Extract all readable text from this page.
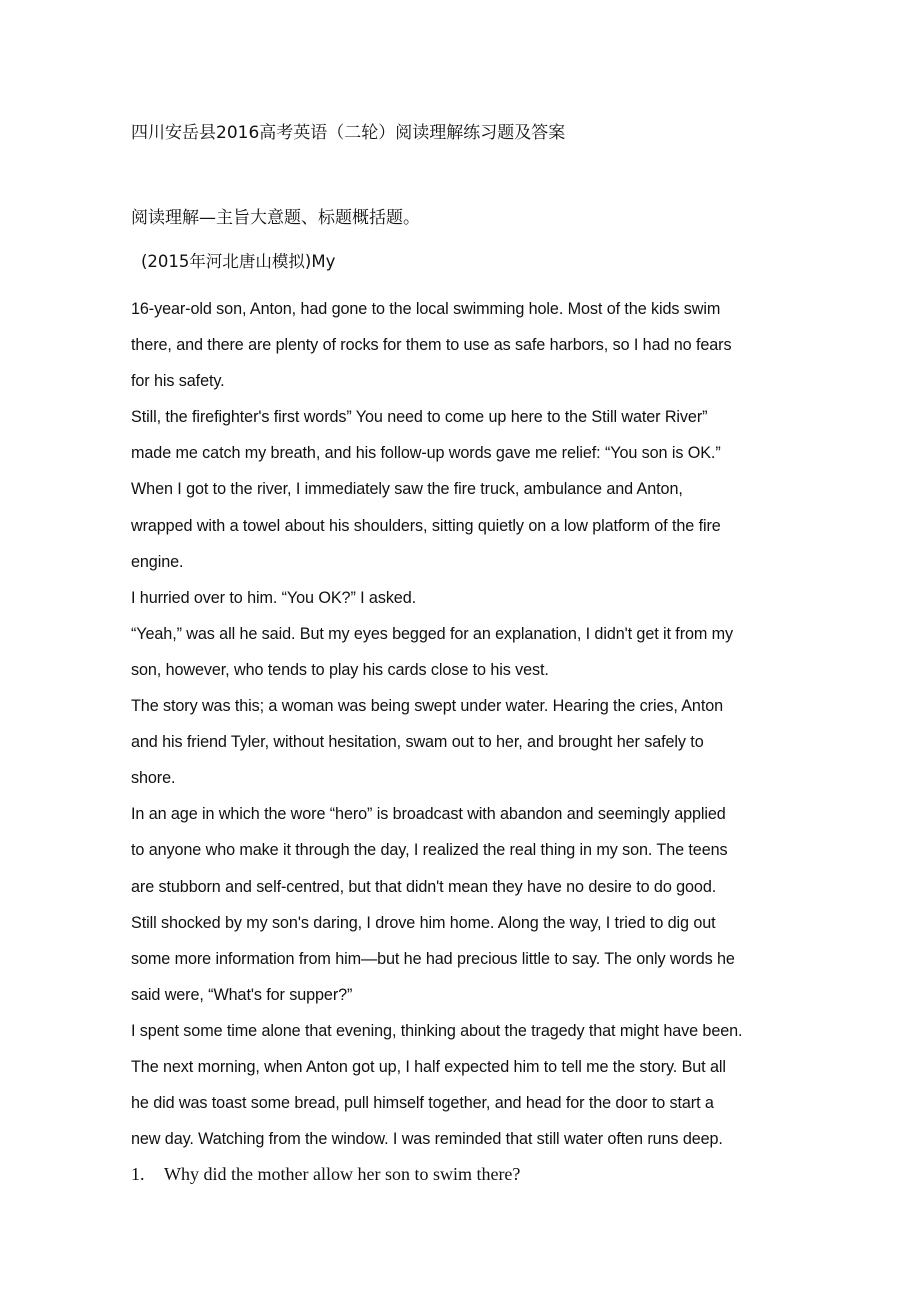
四川安岳县2016高考英语（二轮）阅读理解练习题及答案

阅读理解—主旨大意题、标题概括题。

(2015年河北唐山模拟)My

16-year-old son, Anton, had gone to the local swimming hole. Most of the kids swim
there, and there are plenty of rocks for them to use as safe harbors, so I had no fears
for his safety.
Still, the firefighter's first words” You need to come up here to the Still water River”
made me catch my breath, and his follow-up words gave me relief: “You son is OK.”
When I got to the river, I immediately saw the fire truck, ambulance and Anton,
wrapped with a towel about his shoulders, sitting quietly on a low platform of the fire
engine.
I hurried over to him. “You OK?” I asked.
“Yeah,” was all he said. But my eyes begged for an explanation, I didn't get it from my
son, however, who tends to play his cards close to his vest.
The story was this; a woman was being swept under water. Hearing the cries, Anton
and his friend Tyler, without hesitation, swam out to her, and brought her safely to
shore.
In an age in which the wore “hero” is broadcast with abandon and seemingly applied
to anyone who make it through the day, I realized the real thing in my son. The teens
are stubborn and self-centred, but that didn't mean they have no desire to do good.
Still shocked by my son's daring, I drove him home. Along the way, I tried to dig out
some more information from him—but he had precious little to say. The only words he
said were, “What's for supper?”
I spent some time alone that evening, thinking about the tragedy that might have been.
The next morning, when Anton got up, I half expected him to tell me the story. But all
he did was toast some bread, pull himself together, and head for the door to start a
new day. Watching from the window. I was reminded that still water often runs deep.
1. Why did the mother allow her son to swim there?
